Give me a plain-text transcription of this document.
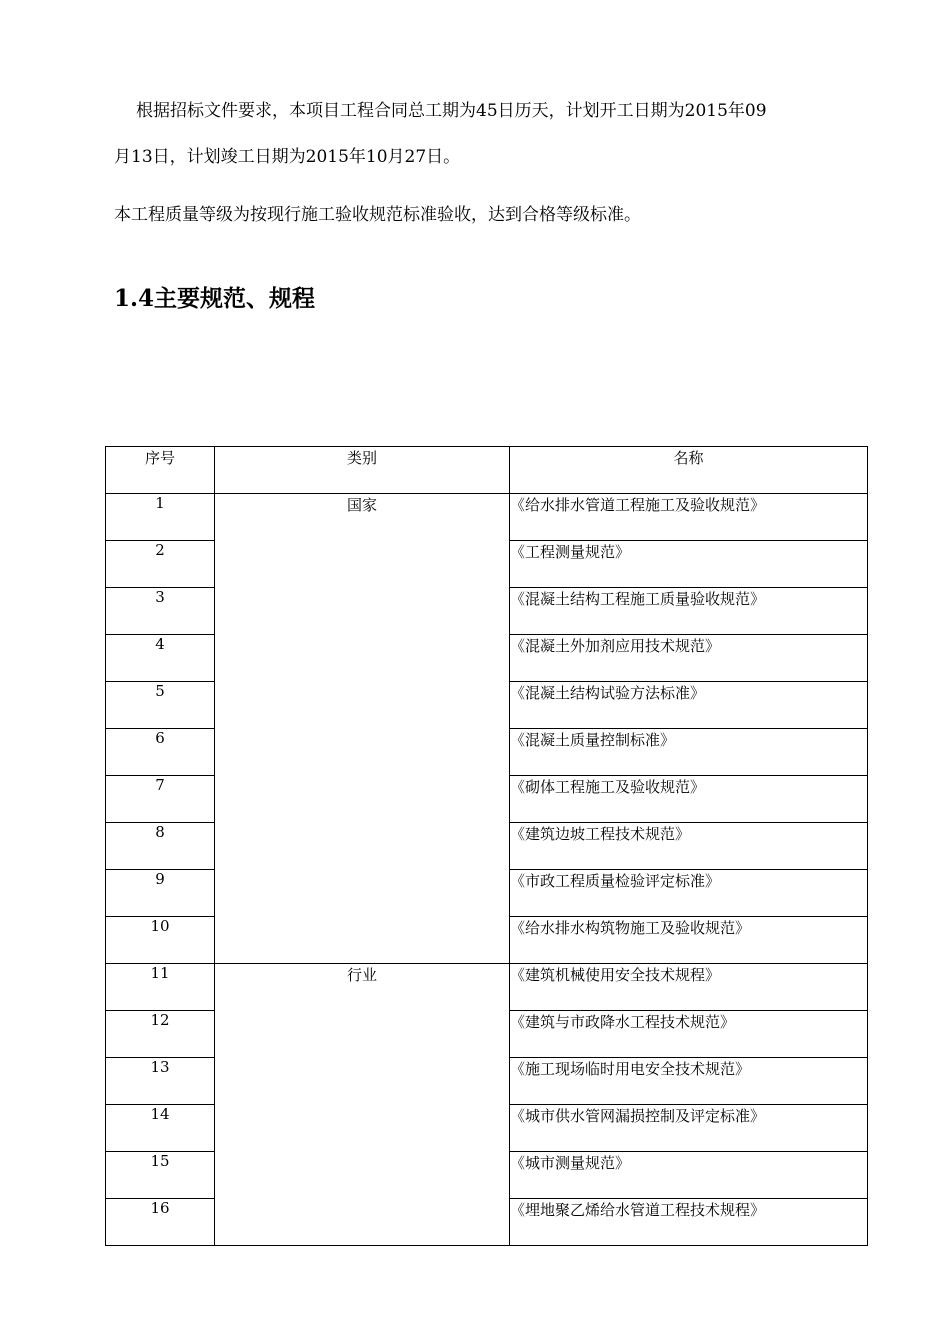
根据招标文件要求，本项目工程合同总工期为45日历天，计划开工日期为2015年09

月13日，计划竣工日期为2015年10月27日。

本工程质量等级为按现行施工验收规范标准验收，达到合格等级标准。

1.4主要规范、规程
序号	类别	名称
1	国家	《给水排水管道工程施工及验收规范》
2		《工程测量规范》
3		《混凝土结构工程施工质量验收规范》
4		《混凝土外加剂应用技术规范》
5		《混凝土结构试验方法标准》
6		《混凝土质量控制标准》
7		《砌体工程施工及验收规范》
8		《建筑边坡工程技术规范》
9		《市政工程质量检验评定标准》
10		《给水排水构筑物施工及验收规范》
11	行业	《建筑机械使用安全技术规程》
12		《建筑与市政降水工程技术规范》
13		《施工现场临时用电安全技术规范》
14		《城市供水管网漏损控制及评定标准》
15		《城市测量规范》
16		《埋地聚乙烯给水管道工程技术规程》
